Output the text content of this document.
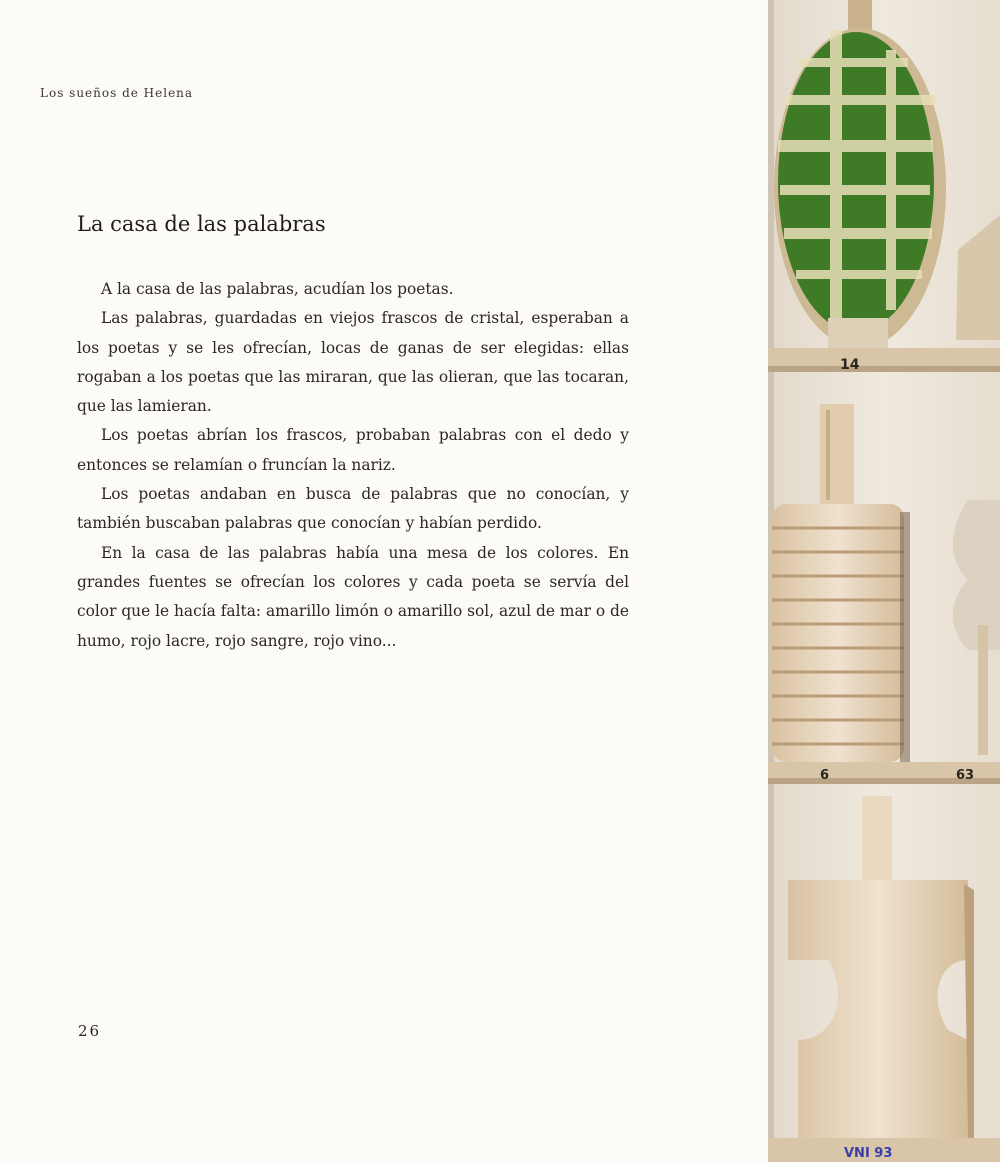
Los sueños de Helena
La casa de las palabras

A la casa de las palabras, acudían los poetas.

Las palabras, guardadas en viejos frascos de cristal, esperaban a los poetas y se les ofrecían, locas de ganas de ser elegidas: ellas rogaban a los poetas que las miraran, que las olieran, que las tocaran, que las lamieran.

Los poetas abrían los frascos, probaban palabras con el dedo y entonces se relamían o fruncían la nariz.

Los poetas andaban en busca de palabras que no conocían, y también buscaban palabras que conocían y habían perdido.

En la casa de las palabras había una mesa de los colores. En grandes fuentes se ofrecían los colores y cada poeta se servía del color que le hacía falta: amarillo limón o amarillo sol, azul de mar o de humo, rojo lacre, rojo sangre, rojo vino...

26
14
6	63
VNI 93
